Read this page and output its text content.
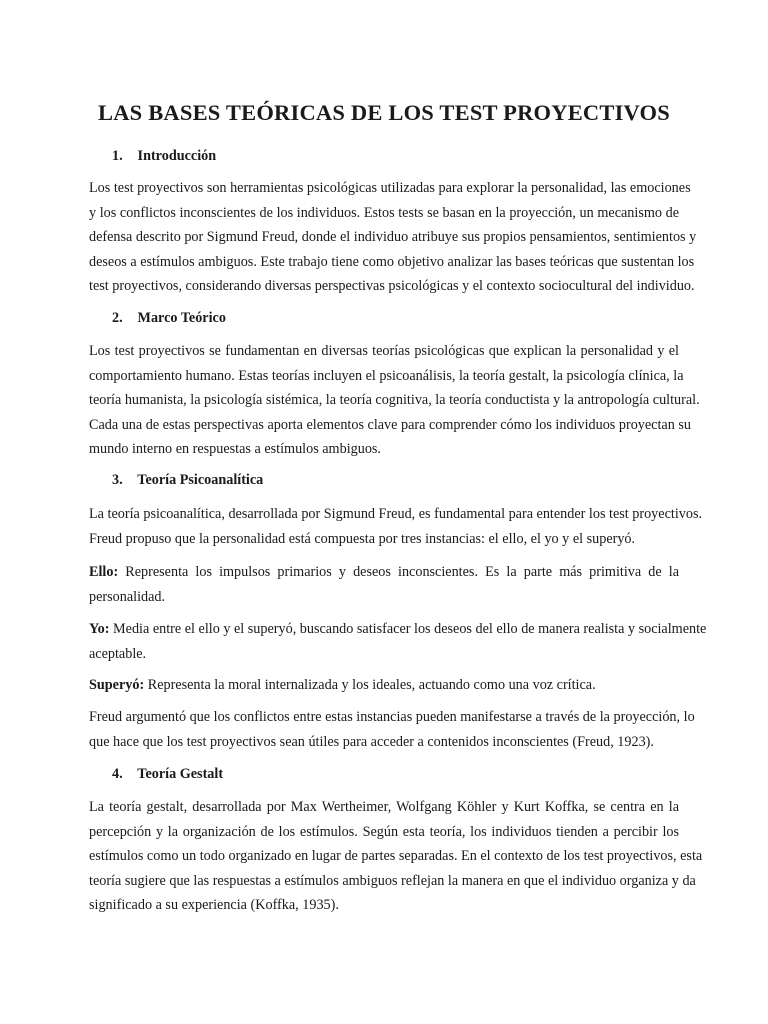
LAS BASES TEÓRICAS DE LOS TEST PROYECTIVOS
1. Introducción
Los test proyectivos son herramientas psicológicas utilizadas para explorar la personalidad, las emociones
y los conflictos inconscientes de los individuos. Estos tests se basan en la proyección, un mecanismo de
defensa descrito por Sigmund Freud, donde el individuo atribuye sus propios pensamientos, sentimientos y
deseos a estímulos ambiguos. Este trabajo tiene como objetivo analizar las bases teóricas que sustentan los
test proyectivos, considerando diversas perspectivas psicológicas y el contexto sociocultural del individuo.
2. Marco Teórico
Los test proyectivos se fundamentan en diversas teorías psicológicas que explican la personalidad y el
comportamiento humano. Estas teorías incluyen el psicoanálisis, la teoría gestalt, la psicología clínica, la
teoría humanista, la psicología sistémica, la teoría cognitiva, la teoría conductista y la antropología cultural.
Cada una de estas perspectivas aporta elementos clave para comprender cómo los individuos proyectan su
mundo interno en respuestas a estímulos ambiguos.
3. Teoría Psicoanalítica
La teoría psicoanalítica, desarrollada por Sigmund Freud, es fundamental para entender los test proyectivos.
Freud propuso que la personalidad está compuesta por tres instancias: el ello, el yo y el superyó.
Ello: Representa los impulsos primarios y deseos inconscientes. Es la parte más primitiva de la
personalidad.
Yo: Media entre el ello y el superyó, buscando satisfacer los deseos del ello de manera realista y socialmente
aceptable.
Superyó: Representa la moral internalizada y los ideales, actuando como una voz crítica.
Freud argumentó que los conflictos entre estas instancias pueden manifestarse a través de la proyección, lo
que hace que los test proyectivos sean útiles para acceder a contenidos inconscientes (Freud, 1923).
4. Teoría Gestalt
La teoría gestalt, desarrollada por Max Wertheimer, Wolfgang Köhler y Kurt Koffka, se centra en la
percepción y la organización de los estímulos. Según esta teoría, los individuos tienden a percibir los
estímulos como un todo organizado en lugar de partes separadas. En el contexto de los test proyectivos, esta
teoría sugiere que las respuestas a estímulos ambiguos reflejan la manera en que el individuo organiza y da
significado a su experiencia (Koffka, 1935).
